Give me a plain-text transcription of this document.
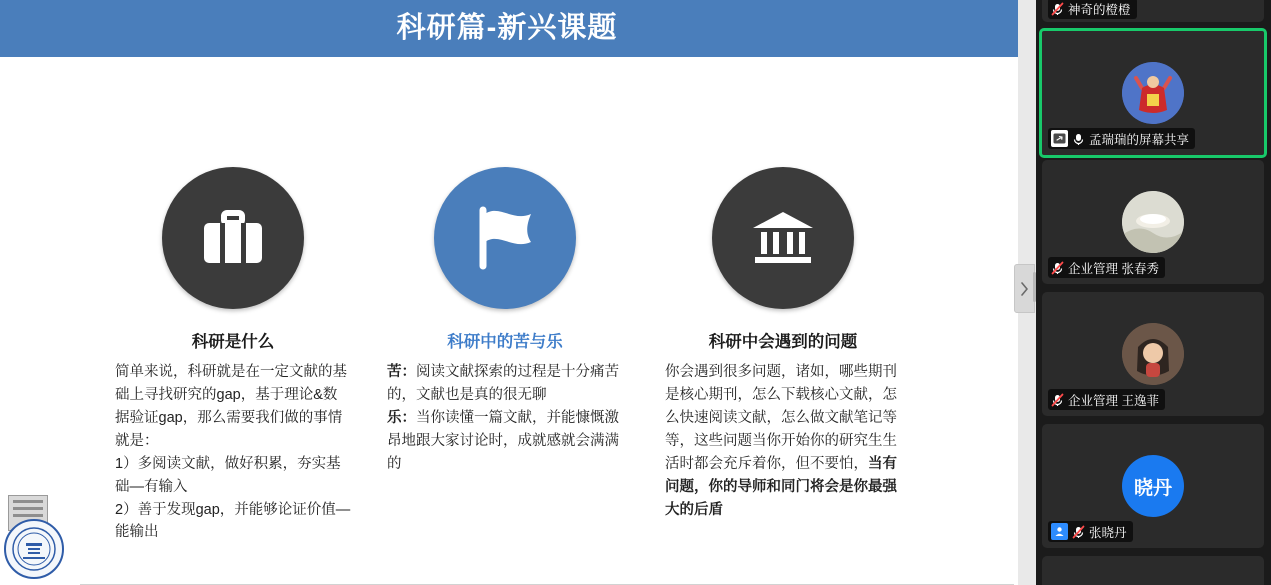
科研篇-新兴课题
科研是什么

简单来说，科研就是在一定文献的基础上寻找研究的gap，基于理论&数据验证gap，那么需要我们做的事情就是：

1）多阅读文献，做好积累，夯实基础—有输入

2）善于发现gap，并能够论证价值—能输出

科研中的苦与乐

苦：阅读文献探索的过程是十分痛苦的，文献也是真的很无聊

乐：当你读懂一篇文献，并能慷慨激昂地跟大家讨论时，成就感就会满满的

科研中会遇到的问题

你会遇到很多问题，诸如，哪些期刊是核心期刊，怎么下载核心文献，怎么快速阅读文献，怎么做文献笔记等等，这些问题当你开始你的研究生生活时都会充斥着你，但不要怕，当有问题，你的导师和同门将会是你最强大的后盾

神奇的橙橙
孟瑞瑞的屏幕共享
企业管理 张春秀
企业管理 王逸菲
晓丹
张晓丹
